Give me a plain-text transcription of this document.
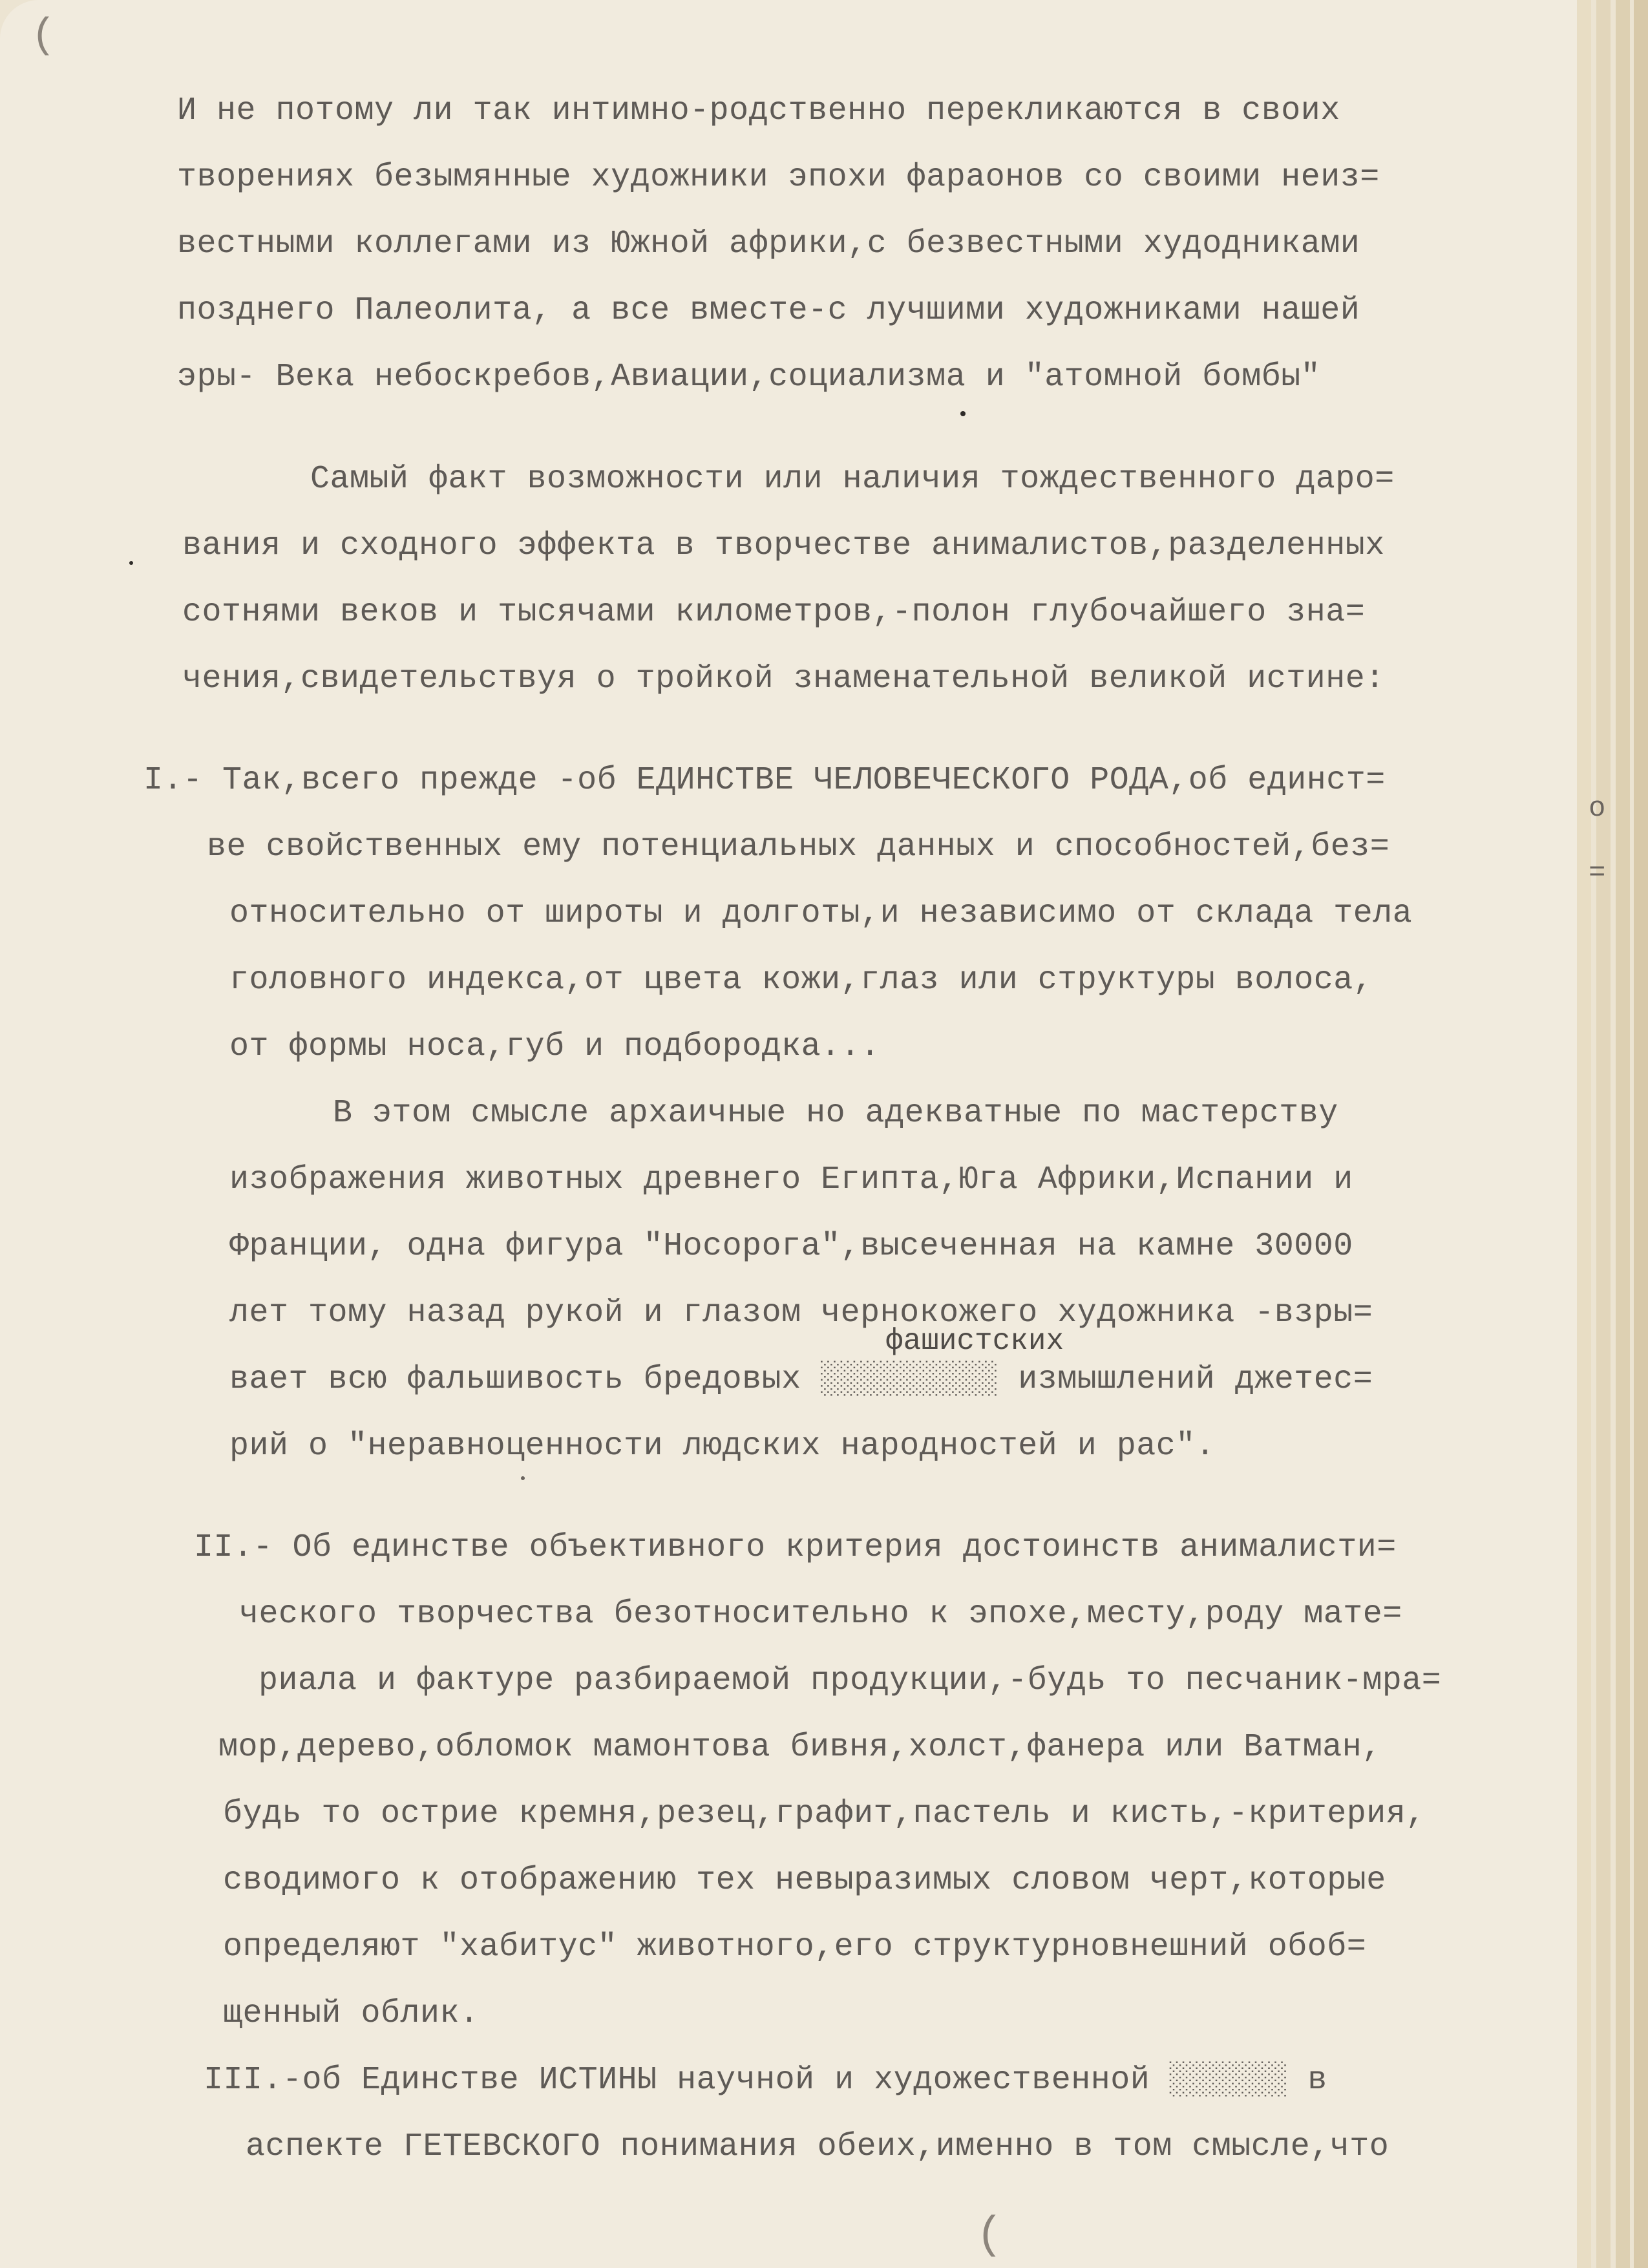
И не потому ли так интимно-родственно перекликаются в своих
творениях безымянные художники эпохи фараонов со своими неиз=
вестными коллегами из Южной африки,с безвестными худодниками
позднего Палеолита, а все вместе-с лучшими художниками нашей
эры- Века небоскребов,Авиации,социализма и "атомной бомбы"
Самый факт возможности или наличия тождественного даро=
вания и сходного эффекта в творчестве анималистов,разделенных
сотнями веков и тысячами километров,-полон глубочайшего зна=
чения,свидетельствуя о тройкой знаменательной великой истине:
I.- Так,всего прежде -об ЕДИНСТВЕ ЧЕЛОВЕЧЕСКОГО РОДА,об единст=
ве свойственных ему потенциальных данных и способностей,без=
относительно от широты и долготы,и независимо от склада тела
головного индекса,от цвета кожи,глаз или структуры волоса,
от формы носа,губ и подбородка...
В этом смысле архаичные но адекватные по мастерству
изображения животных древнего Египта,Юга Африки,Испании и
Франции, одна фигура "Носорога",высеченная на камне 30000
лет тому назад рукой и глазом чернокожего художника -взры=
фашистских
вает всю фальшивость бредовых ░░░░░░░░░ измышлений джетес=
рий о "неравноценности людских народностей и рас".
II.- Об единстве объективного критерия достоинств анималисти=
ческого творчества безотносительно к эпохе,месту,роду мате=
риала и фактуре разбираемой продукции,-будь то песчаник-мра=
мор,дерево,обломок мамонтова бивня,холст,фанера или Ватман,
будь то острие кремня,резец,графит,пастель и кисть,-критерия,
сводимого к отображению тех невыразимых словом черт,которые
определяют "хабитус" животного,его структурновнешний обоб=
щенный облик.
III.-об Единстве ИСТИНЫ научной и художественной ░░░░░░ в
аспекте ГЕТЕВСКОГО понимания обеих,именно в том смысле,что
(
(
o
=
